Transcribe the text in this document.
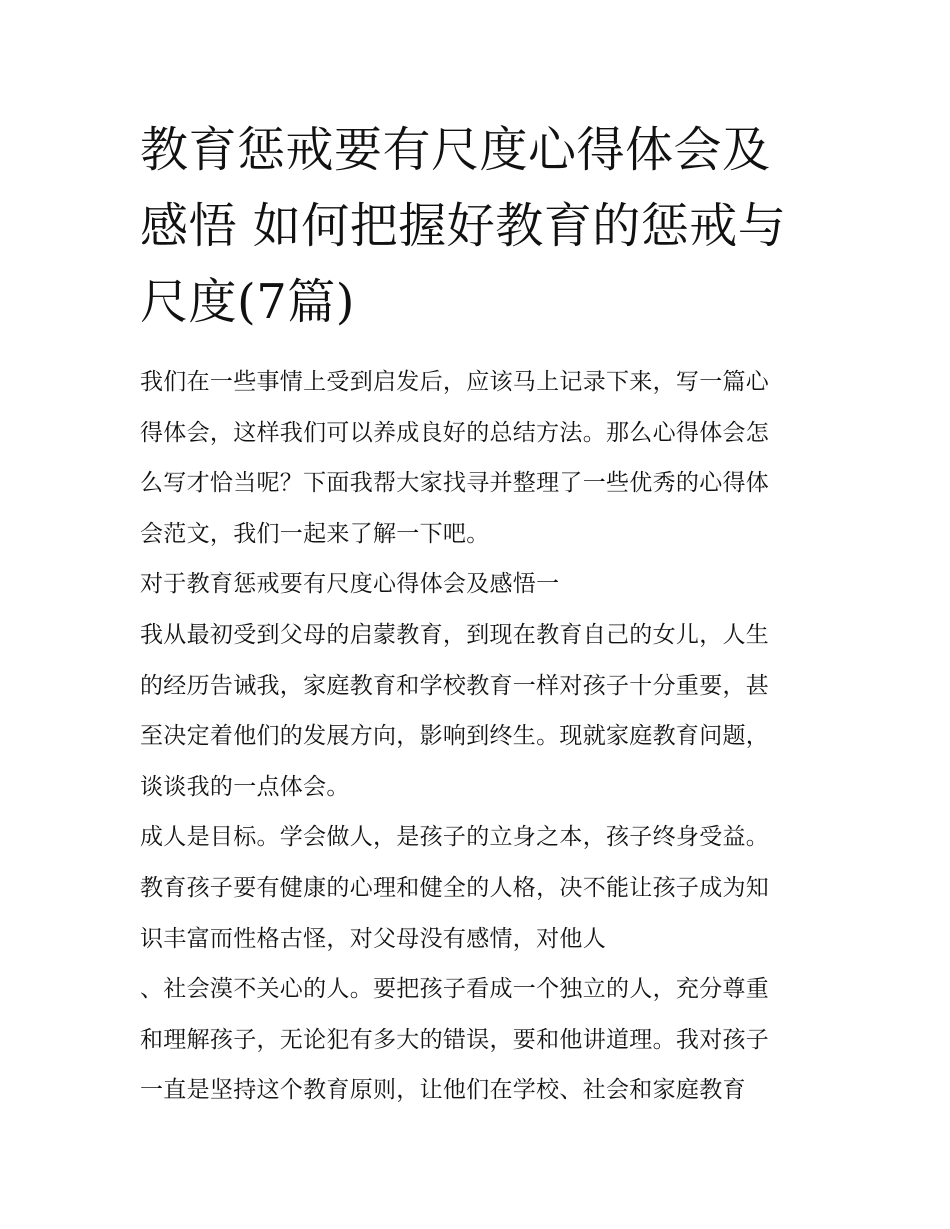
教育惩戒要有尺度心得体会及
感悟 如何把握好教育的惩戒与
尺度(7篇)
我们在一些事情上受到启发后，应该马上记录下来，写一篇心
得体会，这样我们可以养成良好的总结方法。那么心得体会怎
么写才恰当呢？下面我帮大家找寻并整理了一些优秀的心得体
会范文，我们一起来了解一下吧。
对于教育惩戒要有尺度心得体会及感悟一
我从最初受到父母的启蒙教育，到现在教育自己的女儿，人生
的经历告诫我，家庭教育和学校教育一样对孩子十分重要，甚
至决定着他们的发展方向，影响到终生。现就家庭教育问题，
谈谈我的一点体会。
成人是目标。学会做人，是孩子的立身之本，孩子终身受益。
教育孩子要有健康的心理和健全的人格，决不能让孩子成为知
识丰富而性格古怪，对父母没有感情，对他人
、社会漠不关心的人。要把孩子看成一个独立的人，充分尊重
和理解孩子，无论犯有多大的错误，要和他讲道理。我对孩子
一直是坚持这个教育原则，让他们在学校、社会和家庭教育
